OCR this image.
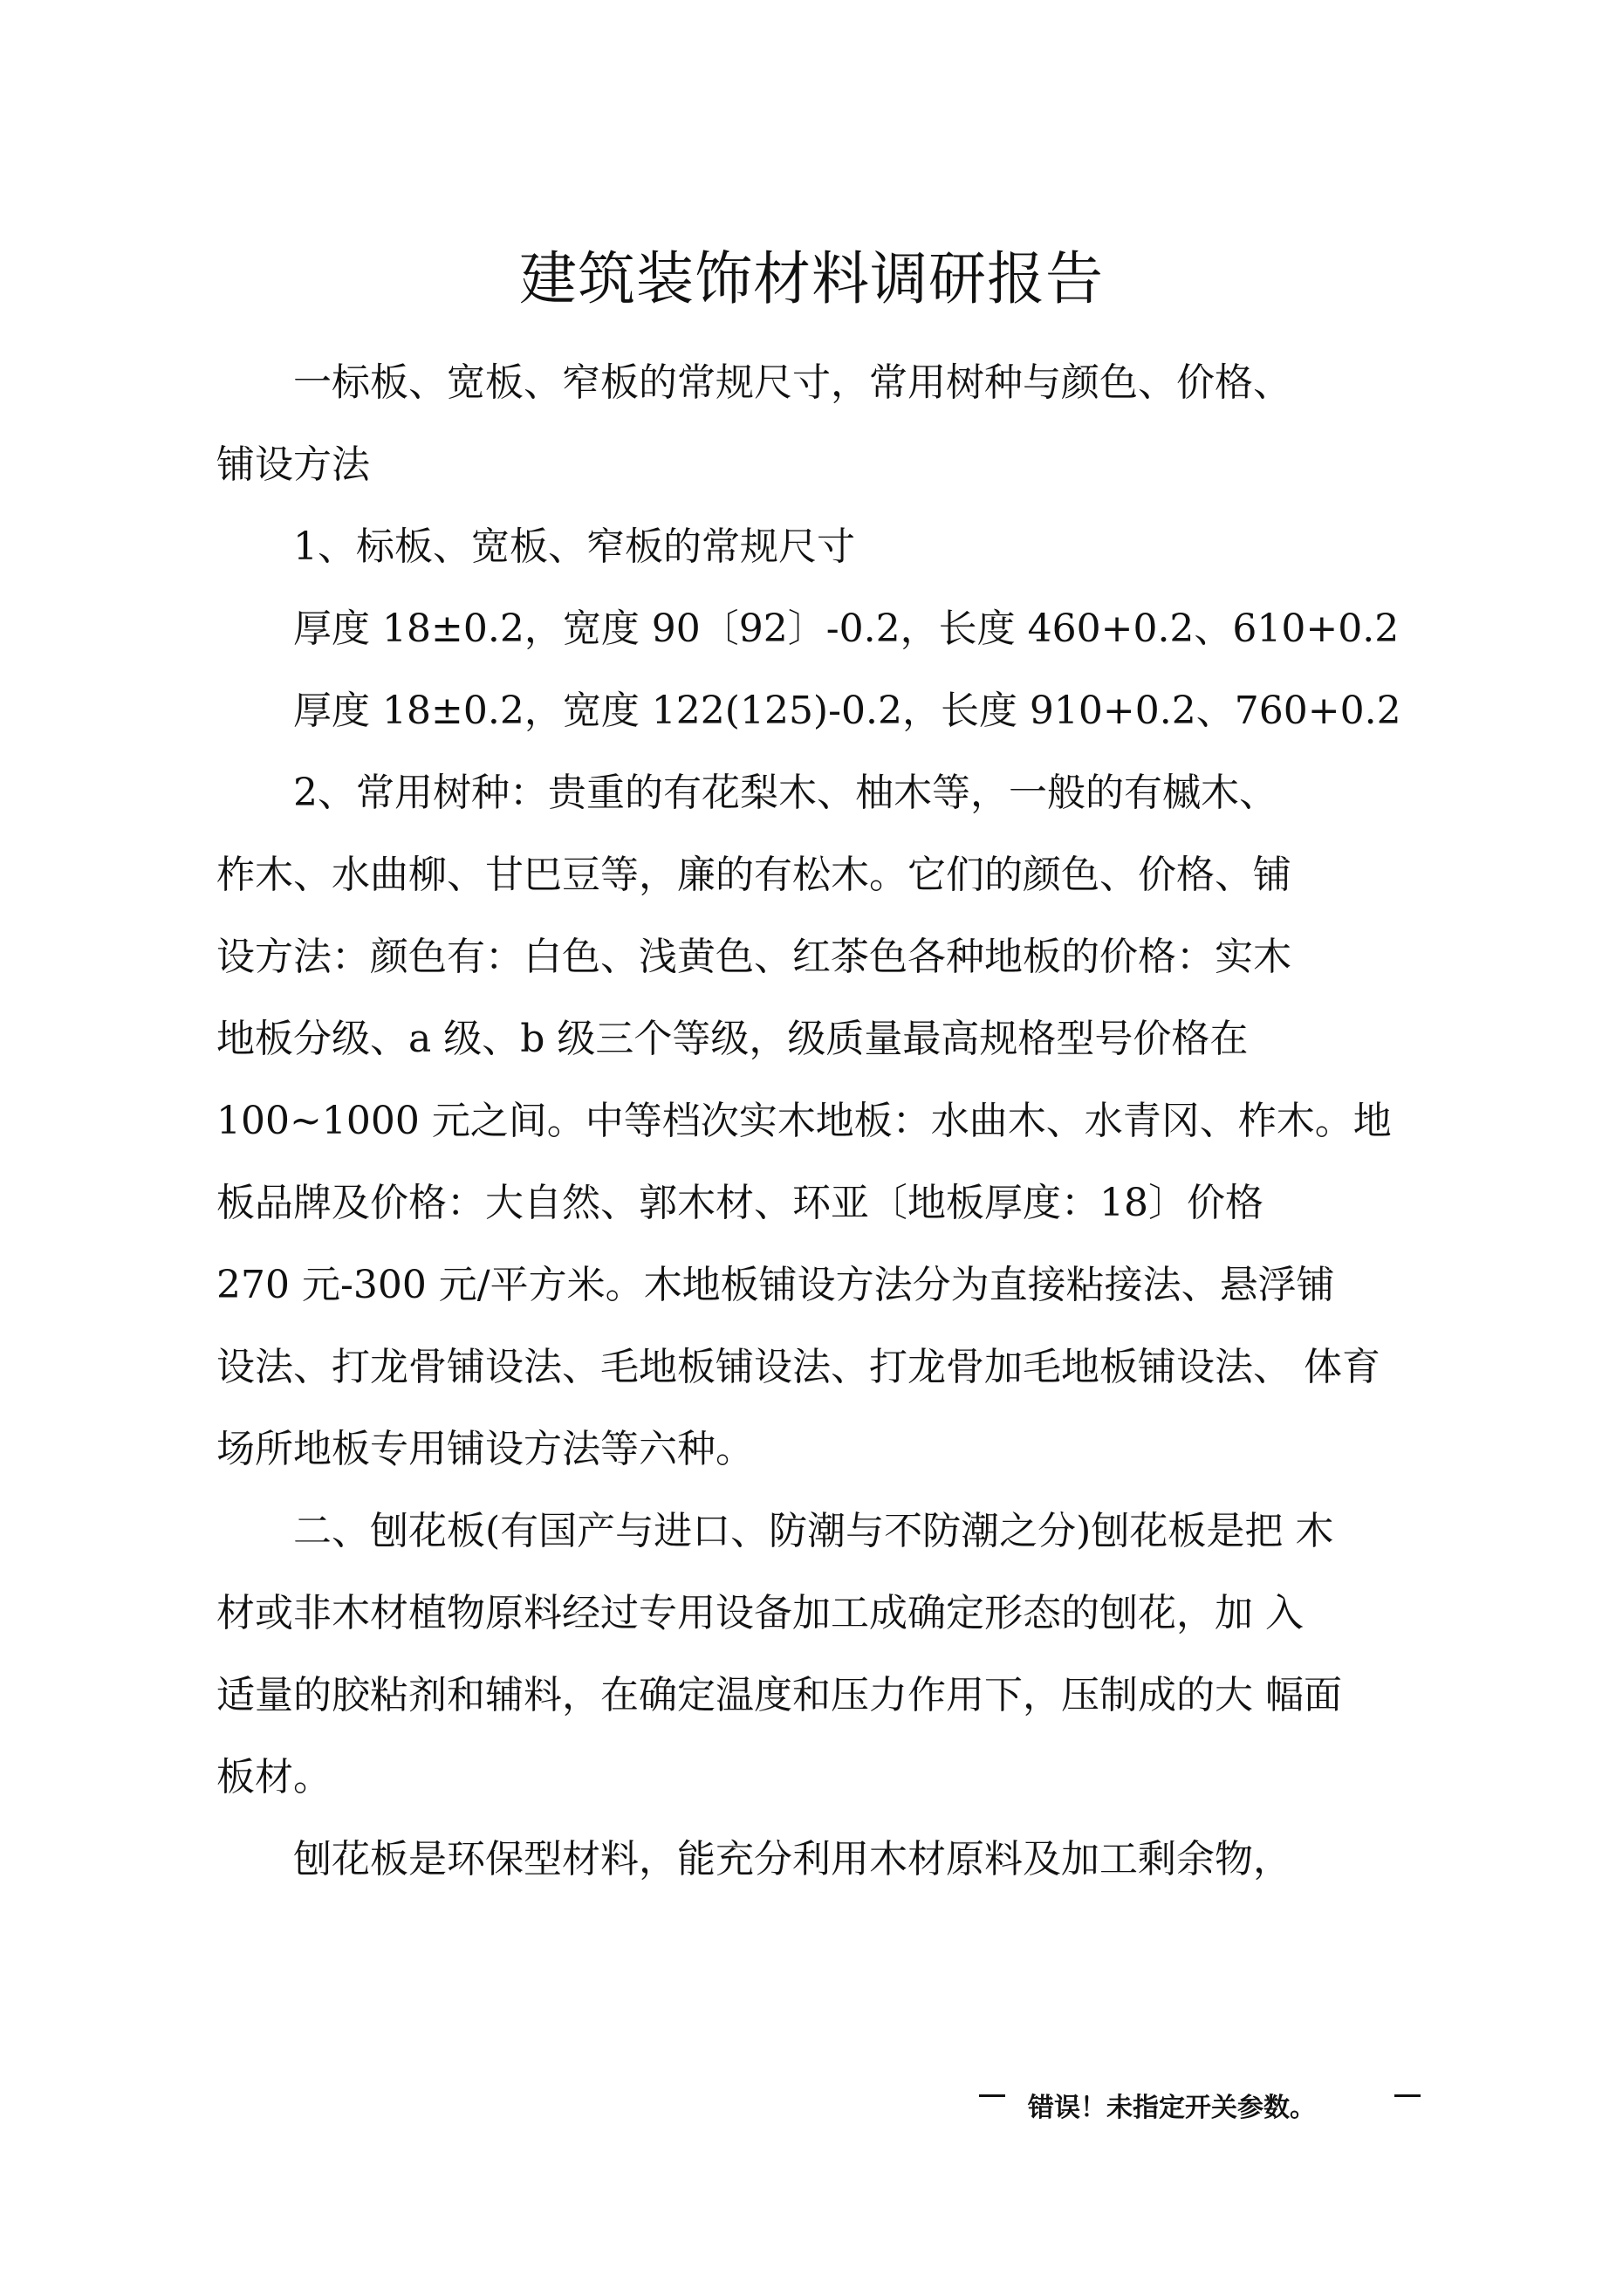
建筑装饰材料调研报告

一标板、宽板、窄板的常规尺寸，常用树种与颜色、价格、
铺设方法

1、标板、宽板、窄板的常规尺寸

厚度 18±0.2，宽度 90〔92〕-0.2，长度 460+0.2、610+0.2

厚度 18±0.2，宽度 122(125)-0.2，长度 910+0.2、760+0.2

2、常用树种：贵重的有花梨木、柚木等，一般的有槭木、
柞木、水曲柳、甘巴豆等，廉的有松木。它们的颜色、价格、铺
设方法：颜色有：白色、浅黄色、红茶色各种地板的价格：实木
地板分级、a 级、b 级三个等级，级质量最高规格型号价格在
100~1000 元之间。中等档次实木地板：水曲木、水青冈、柞木。地
板品牌及价格：大自然、郭木材、环亚〔地板厚度：18〕价格
270 元-300 元/平方米。木地板铺设方法分为直接粘接法、悬浮铺
设法、打龙骨铺设法、毛地板铺设法、打龙骨加毛地板铺设法、 体育
场所地板专用铺设方法等六种。

二、刨花板(有国产与进口、防潮与不防潮之分)刨花板是把 木
材或非木材植物原料经过专用设备加工成确定形态的刨花，加 入
适量的胶粘剂和辅料，在确定温度和压力作用下，压制成的大 幅面
板材。

刨花板是环保型材料，能充分利用木材原料及加工剩余物，

错误！未指定开关参数。
